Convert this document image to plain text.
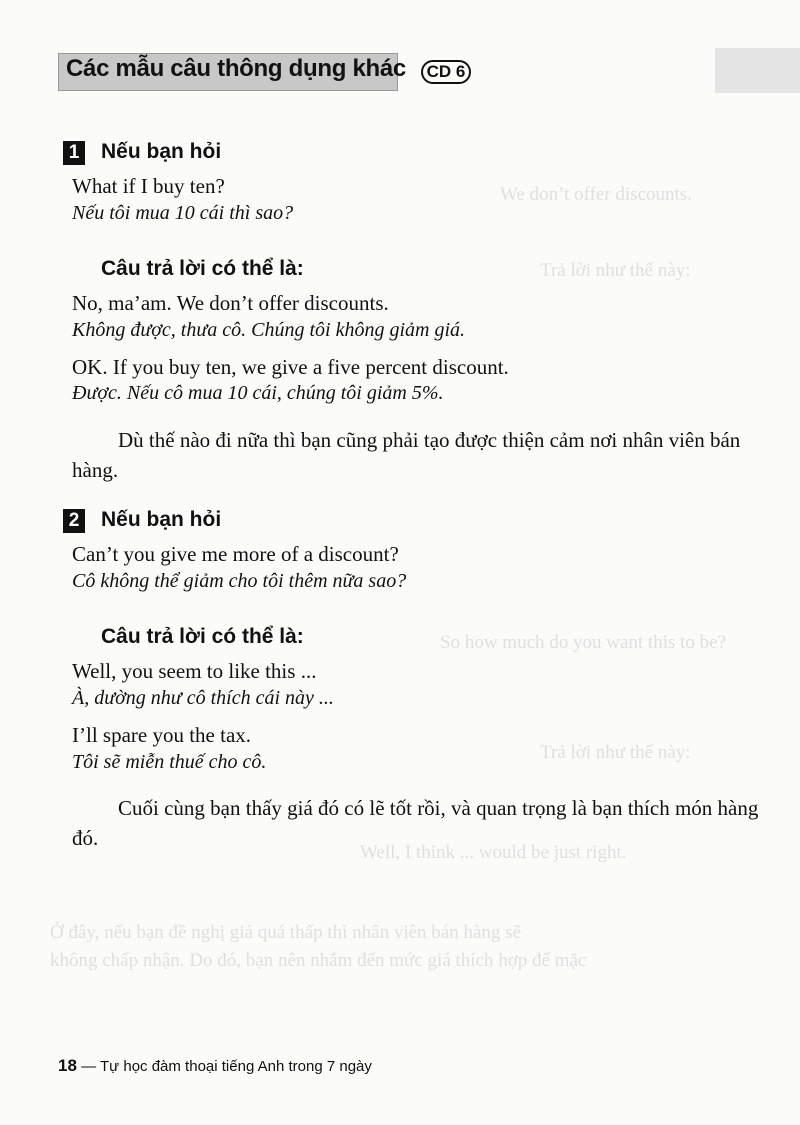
We don’t offer discounts.
Trả lời như thế này:
So how much do you want this to be?
Trả lời như thế này:
Well, I think ... would be just right.
Ở đây, nếu bạn đề nghị giá quá thấp thì nhân viên bán hàng sẽ
không chấp nhận. Do đó, bạn nên nhắm đến mức giá thích hợp để mặc
Các mẫu câu thông dụng khác	CD 6
1 Nếu bạn hỏi
What if I buy ten?
Nếu tôi mua 10 cái thì sao?
Câu trả lời có thể là:
No, ma’am. We don’t offer discounts.
Không được, thưa cô. Chúng tôi không giảm giá.
OK. If you buy ten, we give a five percent discount.
Được. Nếu cô mua 10 cái, chúng tôi giảm 5%.
Dù thế nào đi nữa thì bạn cũng phải tạo được thiện cảm nơi nhân viên bán hàng.
2 Nếu bạn hỏi
Can’t you give me more of a discount?
Cô không thể giảm cho tôi thêm nữa sao?
Câu trả lời có thể là:
Well, you seem to like this ...
À, dường như cô thích cái này ...
I’ll spare you the tax.
Tôi sẽ miễn thuế cho cô.
Cuối cùng bạn thấy giá đó có lẽ tốt rồi, và quan trọng là bạn thích món hàng đó.
18 — Tự học đàm thoại tiếng Anh trong 7 ngày
